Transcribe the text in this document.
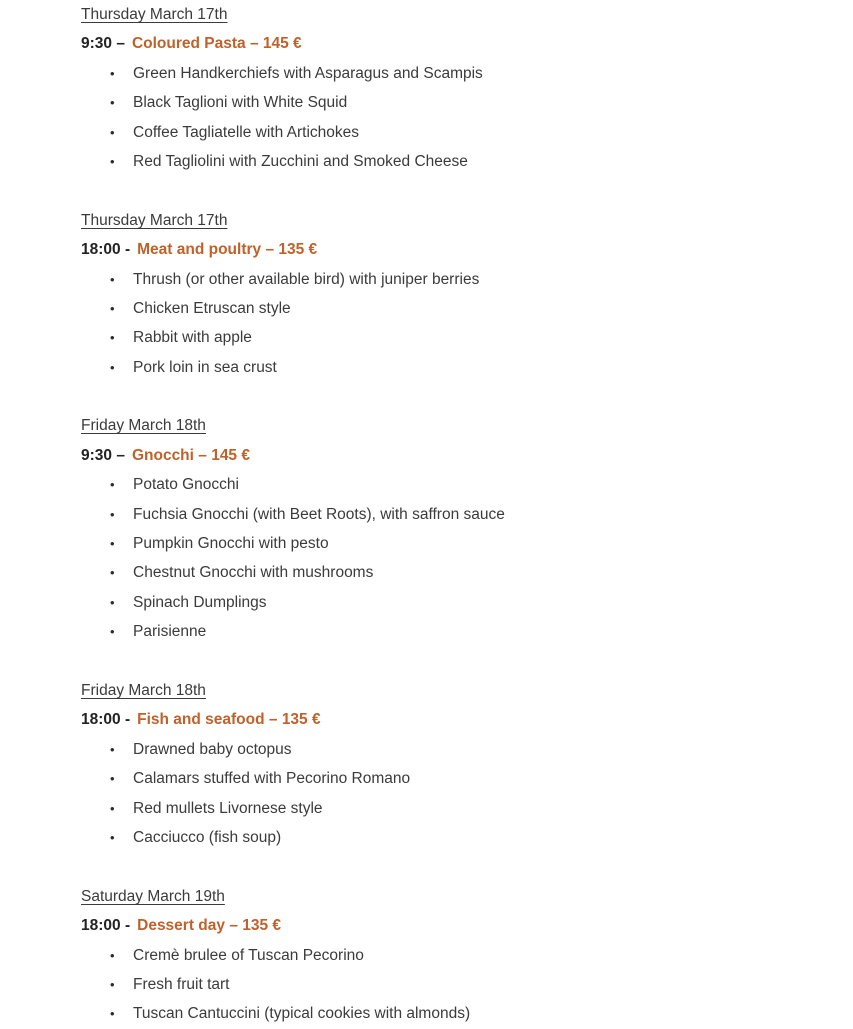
Thursday March 17th
9:30 – Coloured Pasta – 145 €
•	Green Handkerchiefs with Asparagus and Scampis
•	Black Taglioni with White Squid
•	Coffee Tagliatelle with Artichokes
•	Red Tagliolini with Zucchini and Smoked Cheese
Thursday March 17th
18:00 - Meat and poultry – 135 €
•	Thrush (or other available bird) with juniper berries
•	Chicken Etruscan style
•	Rabbit with apple
•	Pork loin in sea crust
Friday March 18th
9:30 – Gnocchi – 145 €
•	Potato Gnocchi
•	Fuchsia Gnocchi (with Beet Roots), with saffron sauce
•	Pumpkin Gnocchi with pesto
•	Chestnut Gnocchi with mushrooms
•	Spinach Dumplings
•	Parisienne
Friday March 18th
18:00 - Fish and seafood – 135 €
•	Drawned baby octopus
•	Calamars stuffed with Pecorino Romano
•	Red mullets Livornese style
•	Cacciucco (fish soup)
Saturday March 19th
18:00 - Dessert day – 135 €
•	Cremè brulee of Tuscan Pecorino
•	Fresh fruit tart
•	Tuscan Cantuccini (typical cookies with almonds)
